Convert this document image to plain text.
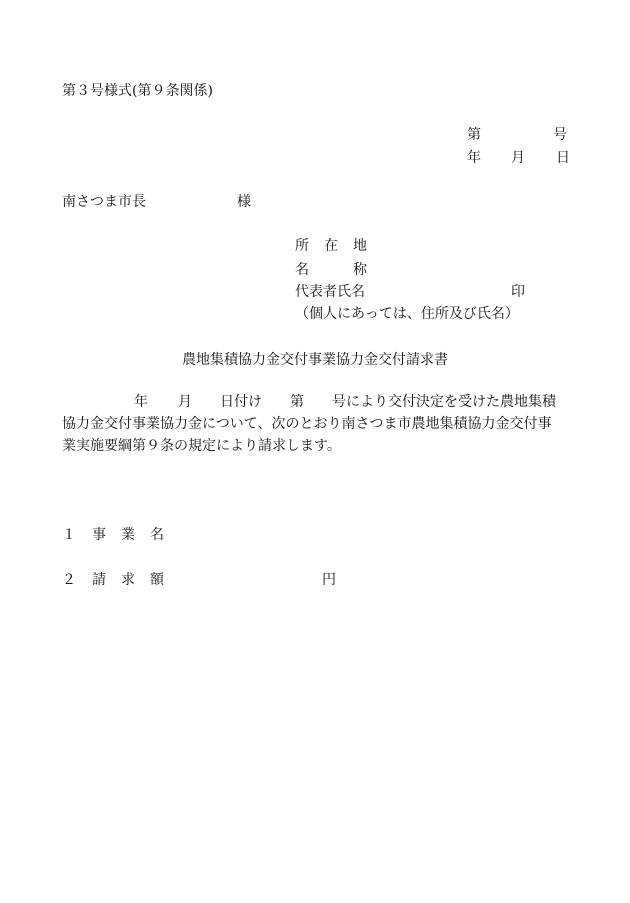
第３号様式(第９条関係)
第	号
年 月 日
南さつま市長	様
所 在 地
名	称
代表者氏名	印
（個人にあっては、住所及び氏名）
農地集積協力金交付事業協力金交付請求書
年 月 日付け 第 号により交付決定を受けた農地集積
協力金交付事業協力金について、次のとおり南さつま市農地集積協力金交付事
業実施要綱第９条の規定により請求します。
１	事 業 名
２	請 求 額	円
